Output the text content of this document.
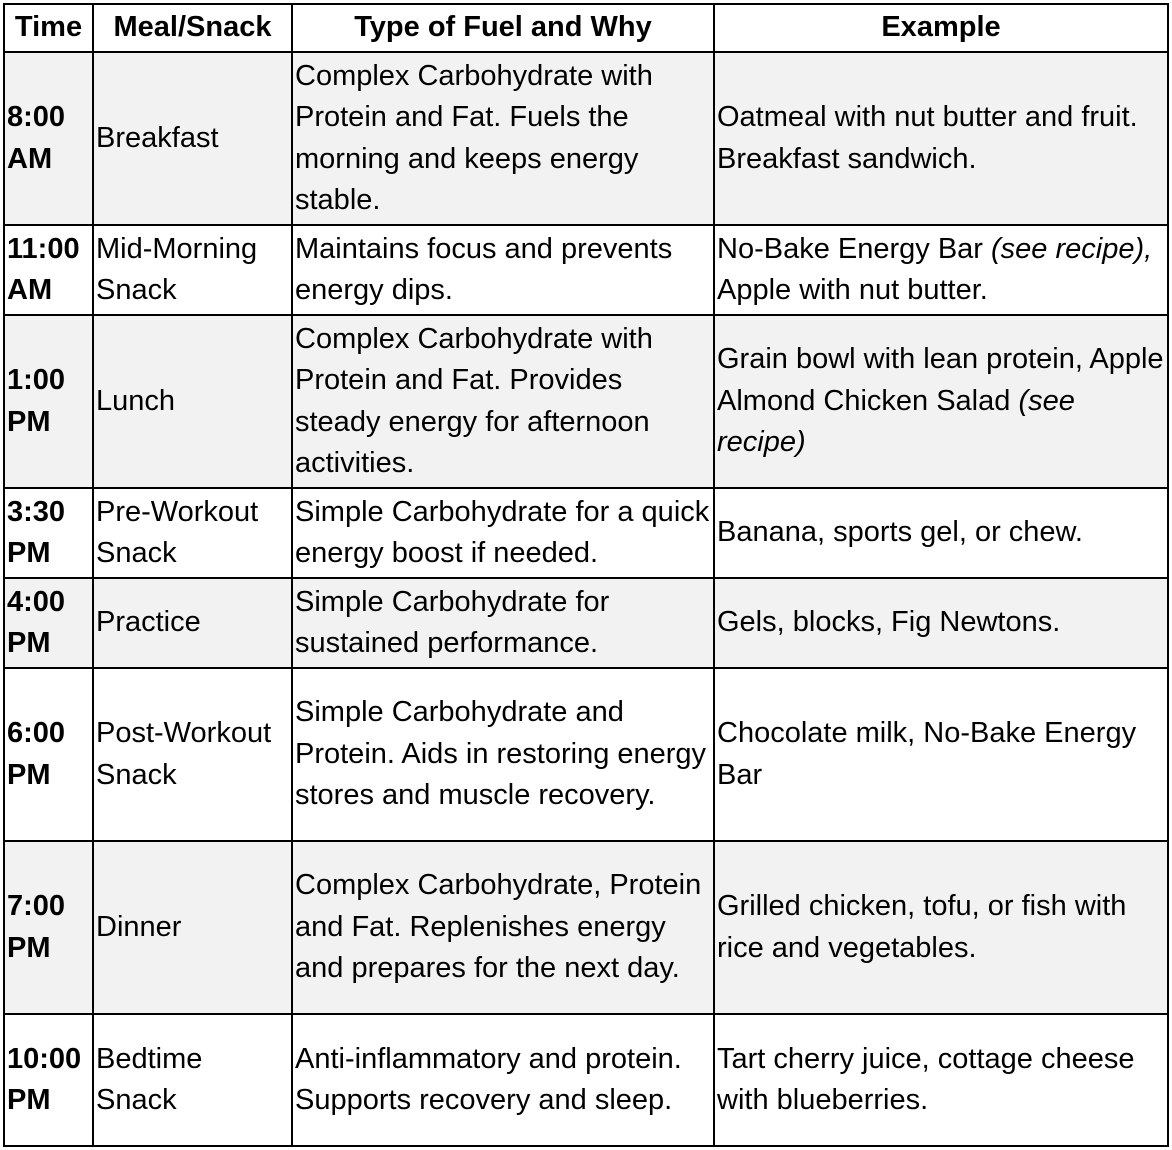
Time	Meal/Snack	Type of Fuel and Why	Example
8:00 AM	Breakfast	Complex Carbohydrate with Protein and Fat. Fuels the morning and keeps energy stable.	Oatmeal with nut butter and fruit. Breakfast sandwich.
11:00 AM	Mid-Morning Snack	Maintains focus and prevents energy dips.	No-Bake Energy Bar (see recipe), Apple with nut butter.
1:00 PM	Lunch	Complex Carbohydrate with Protein and Fat. Provides steady energy for afternoon activities.	Grain bowl with lean protein, Apple Almond Chicken Salad (see recipe)
3:30 PM	Pre-Workout Snack	Simple Carbohydrate for a quick energy boost if needed.	Banana, sports gel, or chew.
4:00 PM	Practice	Simple Carbohydrate for sustained performance.	Gels, blocks, Fig Newtons.
6:00 PM	Post-Workout Snack	Simple Carbohydrate and Protein. Aids in restoring energy stores and muscle recovery.	Chocolate milk, No-Bake Energy Bar
7:00 PM	Dinner	Complex Carbohydrate, Protein and Fat. Replenishes energy and prepares for the next day.	Grilled chicken, tofu, or fish with rice and vegetables.
10:00 PM	Bedtime Snack	Anti-inflammatory and protein. Supports recovery and sleep.	Tart cherry juice, cottage cheese with blueberries.
